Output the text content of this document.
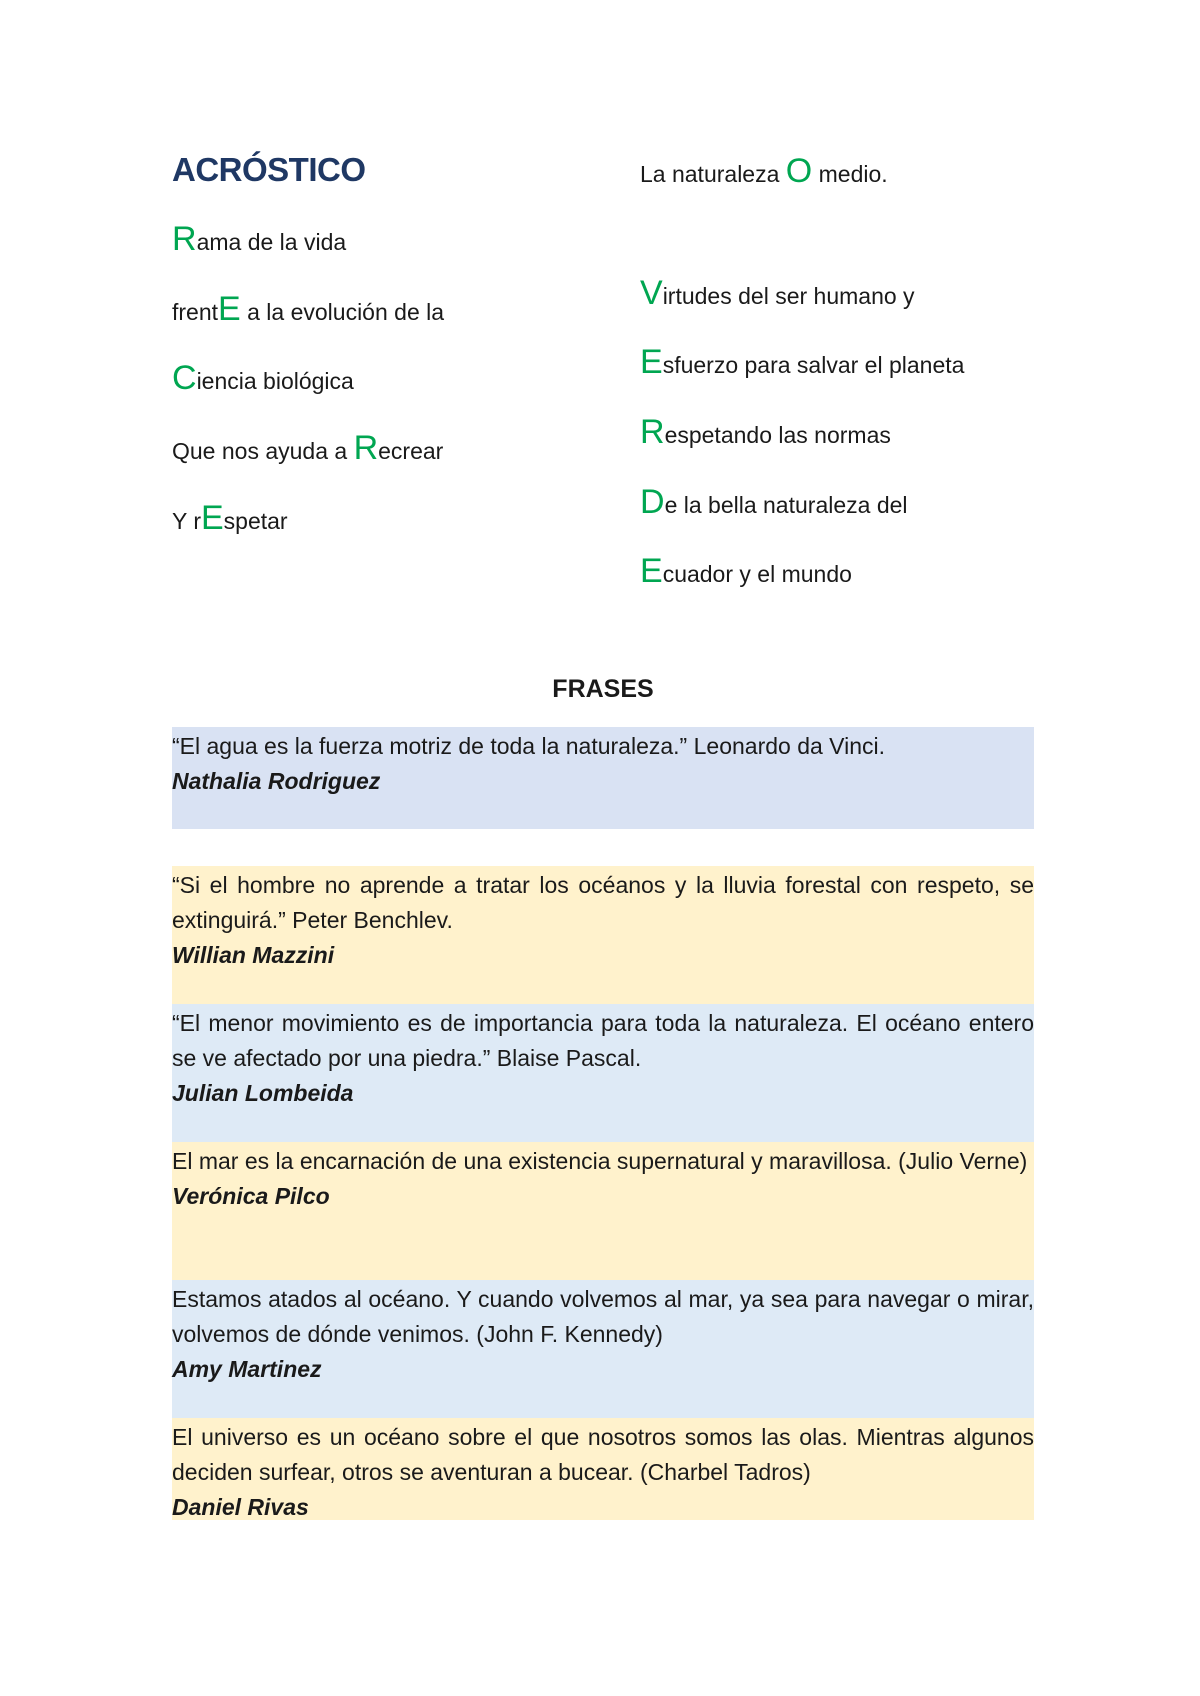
ACRÓSTICO
Rama de la vida
frentE a la evolución de la
Ciencia biológica
Que nos ayuda a Recrear
Y rEspetar
La naturaleza O medio.
Virtudes del ser humano y
Esfuerzo para salvar el planeta
Respetando las normas
De la bella naturaleza del
Ecuador y el mundo
FRASES
“El agua es la fuerza motriz de toda la naturaleza.” Leonardo da Vinci.
Nathalia Rodriguez
“Si el hombre no aprende a tratar los océanos y la lluvia forestal con respeto, se extinguirá.” Peter Benchlev.
Willian Mazzini
“El menor movimiento es de importancia para toda la naturaleza. El océano entero se ve afectado por una piedra.” Blaise Pascal.
Julian Lombeida
El mar es la encarnación de una existencia supernatural y maravillosa. (Julio Verne)
Verónica Pilco
Estamos atados al océano. Y cuando volvemos al mar, ya sea para navegar o mirar, volvemos de dónde venimos. (John F. Kennedy)
Amy Martinez
El universo es un océano sobre el que nosotros somos las olas. Mientras algunos deciden surfear, otros se aventuran a bucear. (Charbel Tadros)
Daniel Rivas
